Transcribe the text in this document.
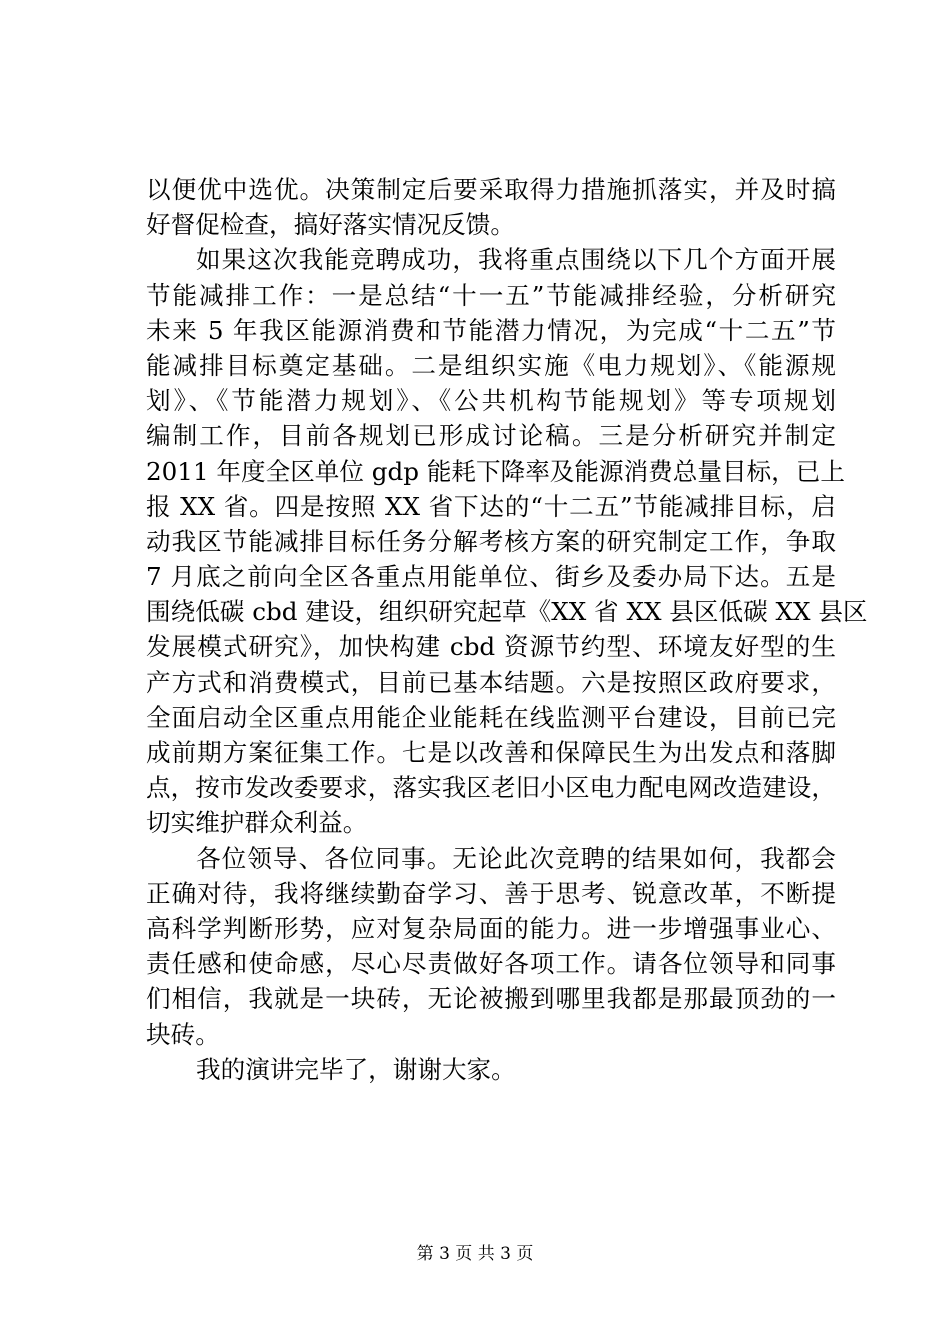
以便优中选优。决策制定后要采取得力措施抓落实，并及时搞
好督促检查，搞好落实情况反馈。
如果这次我能竞聘成功，我将重点围绕以下几个方面开展
节能减排工作：一是总结“十一五”节能减排经验，分析研究
未来 5 年我区能源消费和节能潜力情况，为完成“十二五”节
能减排目标奠定基础。二是组织实施《电力规划》、《能源规
划》、《节能潜力规划》、《公共机构节能规划》等专项规划
编制工作，目前各规划已形成讨论稿。三是分析研究并制定
2011 年度全区单位 gdp 能耗下降率及能源消费总量目标，已上
报 XX 省。四是按照 XX 省下达的“十二五”节能减排目标，启
动我区节能减排目标任务分解考核方案的研究制定工作，争取
7 月底之前向全区各重点用能单位、街乡及委办局下达。五是
围绕低碳 cbd 建设，组织研究起草《XX 省 XX 县区低碳 XX 县区
发展模式研究》，加快构建 cbd 资源节约型、环境友好型的生
产方式和消费模式，目前已基本结题。六是按照区政府要求，
全面启动全区重点用能企业能耗在线监测平台建设，目前已完
成前期方案征集工作。七是以改善和保障民生为出发点和落脚
点，按市发改委要求，落实我区老旧小区电力配电网改造建设，
切实维护群众利益。
各位领导、各位同事。无论此次竞聘的结果如何，我都会
正确对待，我将继续勤奋学习、善于思考、锐意改革，不断提
高科学判断形势，应对复杂局面的能力。进一步增强事业心、
责任感和使命感，尽心尽责做好各项工作。请各位领导和同事
们相信，我就是一块砖，无论被搬到哪里我都是那最顶劲的一
块砖。
我的演讲完毕了，谢谢大家。
第 3 页 共 3 页
